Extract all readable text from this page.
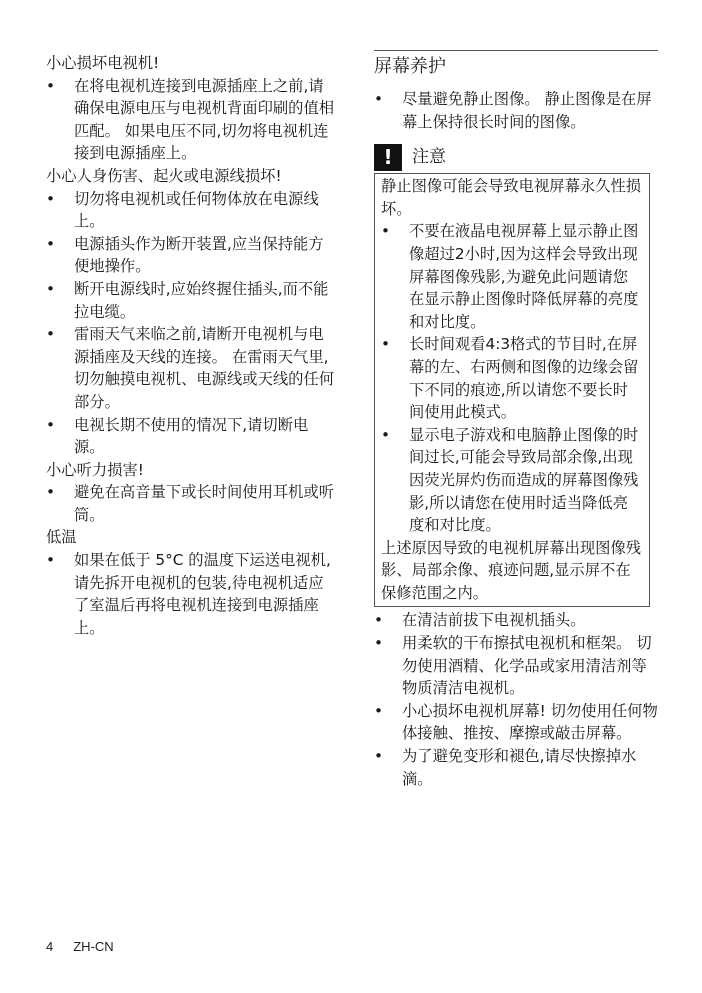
小心损坏电视机!

• 在将电视机连接到电源插座上之前,请确保电源电压与电视机背面印刷的值相匹配。 如果电压不同,切勿将电视机连接到电源插座上。

小心人身伤害、起火或电源线损坏!

• 切勿将电视机或任何物体放在电源线上。
• 电源插头作为断开装置,应当保持能方便地操作。
• 断开电源线时,应始终握住插头,而不能拉电缆。
• 雷雨天气来临之前,请断开电视机与电源插座及天线的连接。 在雷雨天气里,切勿触摸电视机、电源线或天线的任何部分。
• 电视长期不使用的情况下,请切断电源。

小心听力损害!

• 避免在高音量下或长时间使用耳机或听筒。

低温

• 如果在低于 5°C 的温度下运送电视机,请先拆开电视机的包装,待电视机适应了室温后再将电视机连接到电源插座上。
屏幕养护
• 尽量避免静止图像。 静止图像是在屏幕上保持很长时间的图像。
!	注意

静止图像可能会导致电视屏幕永久性损坏。

• 不要在液晶电视屏幕上显示静止图像超过2小时,因为这样会导致出现屏幕图像残影,为避免此问题请您在显示静止图像时降低屏幕的亮度和对比度。
• 长时间观看4:3格式的节目时,在屏幕的左、右两侧和图像的边缘会留下不同的痕迹,所以请您不要长时间使用此模式。
• 显示电子游戏和电脑静止图像的时间过长,可能会导致局部余像,出现因荧光屏灼伤而造成的屏幕图像残影,所以请您在使用时适当降低亮度和对比度。

上述原因导致的电视机屏幕出现图像残影、局部余像、痕迹问题,显示屏不在保修范围之内。

• 在清洁前拔下电视机插头。
• 用柔软的干布擦拭电视机和框架。 切勿使用酒精、化学品或家用清洁剂等物质清洁电视机。
• 小心损坏电视机屏幕! 切勿使用任何物体接触、推按、摩擦或敲击屏幕。
• 为了避免变形和褪色,请尽快擦掉水滴。
4 ZH-CN
